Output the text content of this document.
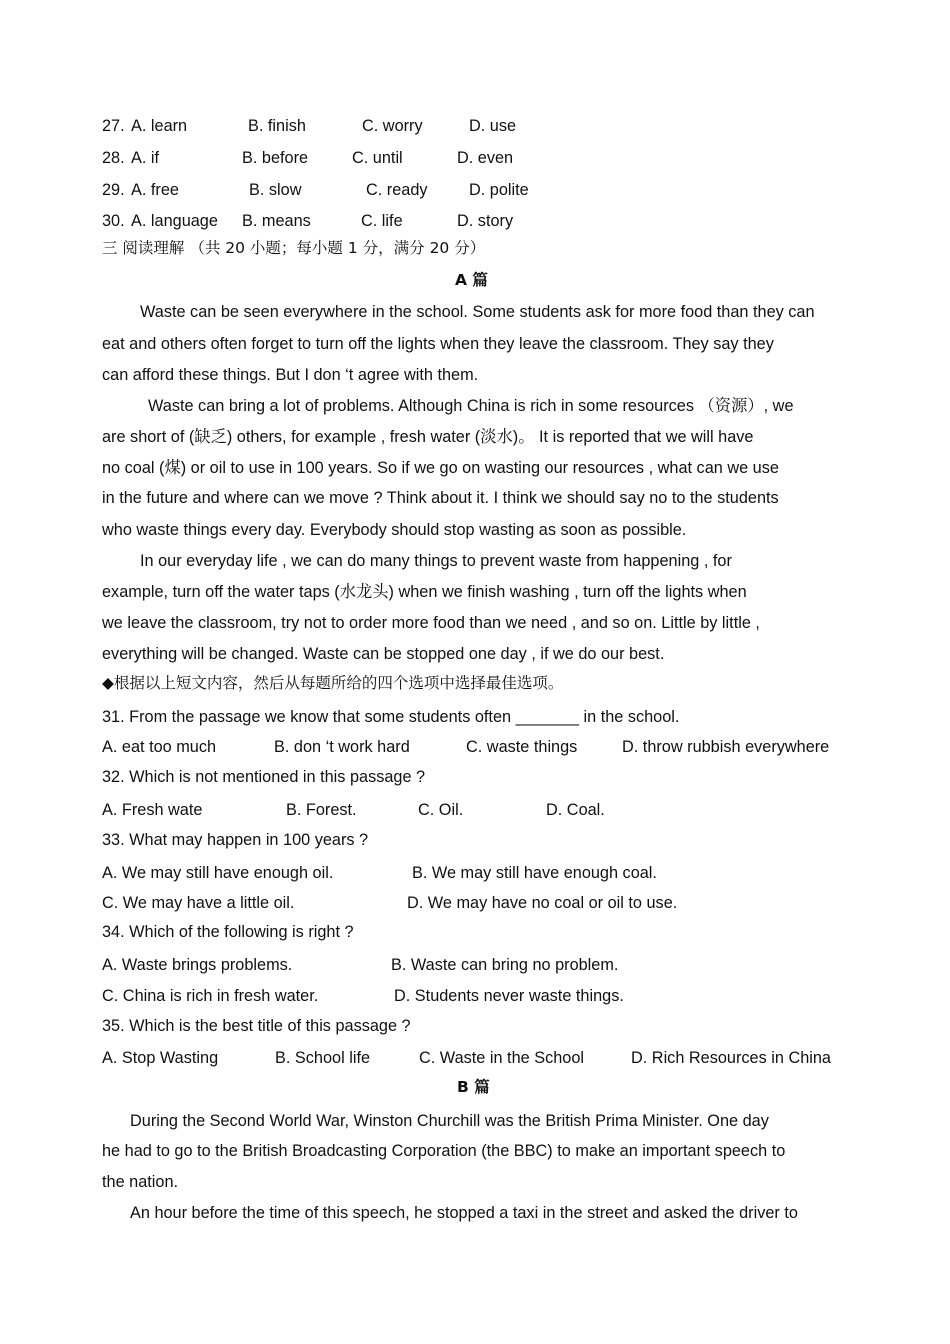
27. A. learn	B. finish	C. worry	D. use
28. A. if	B. before	C. until	D. even
29. A. free	B. slow	C. ready	D. polite
30. A. language B. means	C. life	D. story
三 阅读理解 （共 20 小题；每小题 1 分，满分 20 分）
A 篇
Waste can be seen everywhere in the school. Some students ask for more food than they can
eat and others often forget to turn off the lights when they leave the classroom. They say they
can afford these things. But I don ‘t agree with them.
Waste can bring a lot of problems. Although China is rich in some resources （资源）, we
are short of (缺乏) others, for example , fresh water (淡水)。 It is reported that we will have
no coal (煤) or oil to use in 100 years. So if we go on wasting our resources , what can we use
in the future and where can we move ? Think about it. I think we should say no to the students
who waste things every day. Everybody should stop wasting as soon as possible.
In our everyday life , we can do many things to prevent waste from happening , for
example, turn off the water taps (水龙头) when we finish washing , turn off the lights when
we leave the classroom, try not to order more food than we need , and so on. Little by little ,
everything will be changed. Waste can be stopped one day , if we do our best.
◆根据以上短文内容，然后从每题所给的四个选项中选择最佳选项。
31. From the passage we know that some students often _______ in the school.
A. eat too much	B. don ‘t work hard	C. waste things	D. throw rubbish everywhere
32. Which is not mentioned in this passage ?
A. Fresh wate	B. Forest.	C. Oil.	D. Coal.
33. What may happen in 100 years ?
A. We may still have enough oil.	B. We may still have enough coal.
C. We may have a little oil.	D. We may have no coal or oil to use.
34. Which of the following is right ?
A. Waste brings problems.	B. Waste can bring no problem.
C. China is rich in fresh water.	D. Students never waste things.
35. Which is the best title of this passage ?
A. Stop Wasting	B. School life	C. Waste in the School	D. Rich Resources in China
B 篇
During the Second World War, Winston Churchill was the British Prima Minister. One day
he had to go to the British Broadcasting Corporation (the BBC) to make an important speech to
the nation.
An hour before the time of this speech, he stopped a taxi in the street and asked the driver to
